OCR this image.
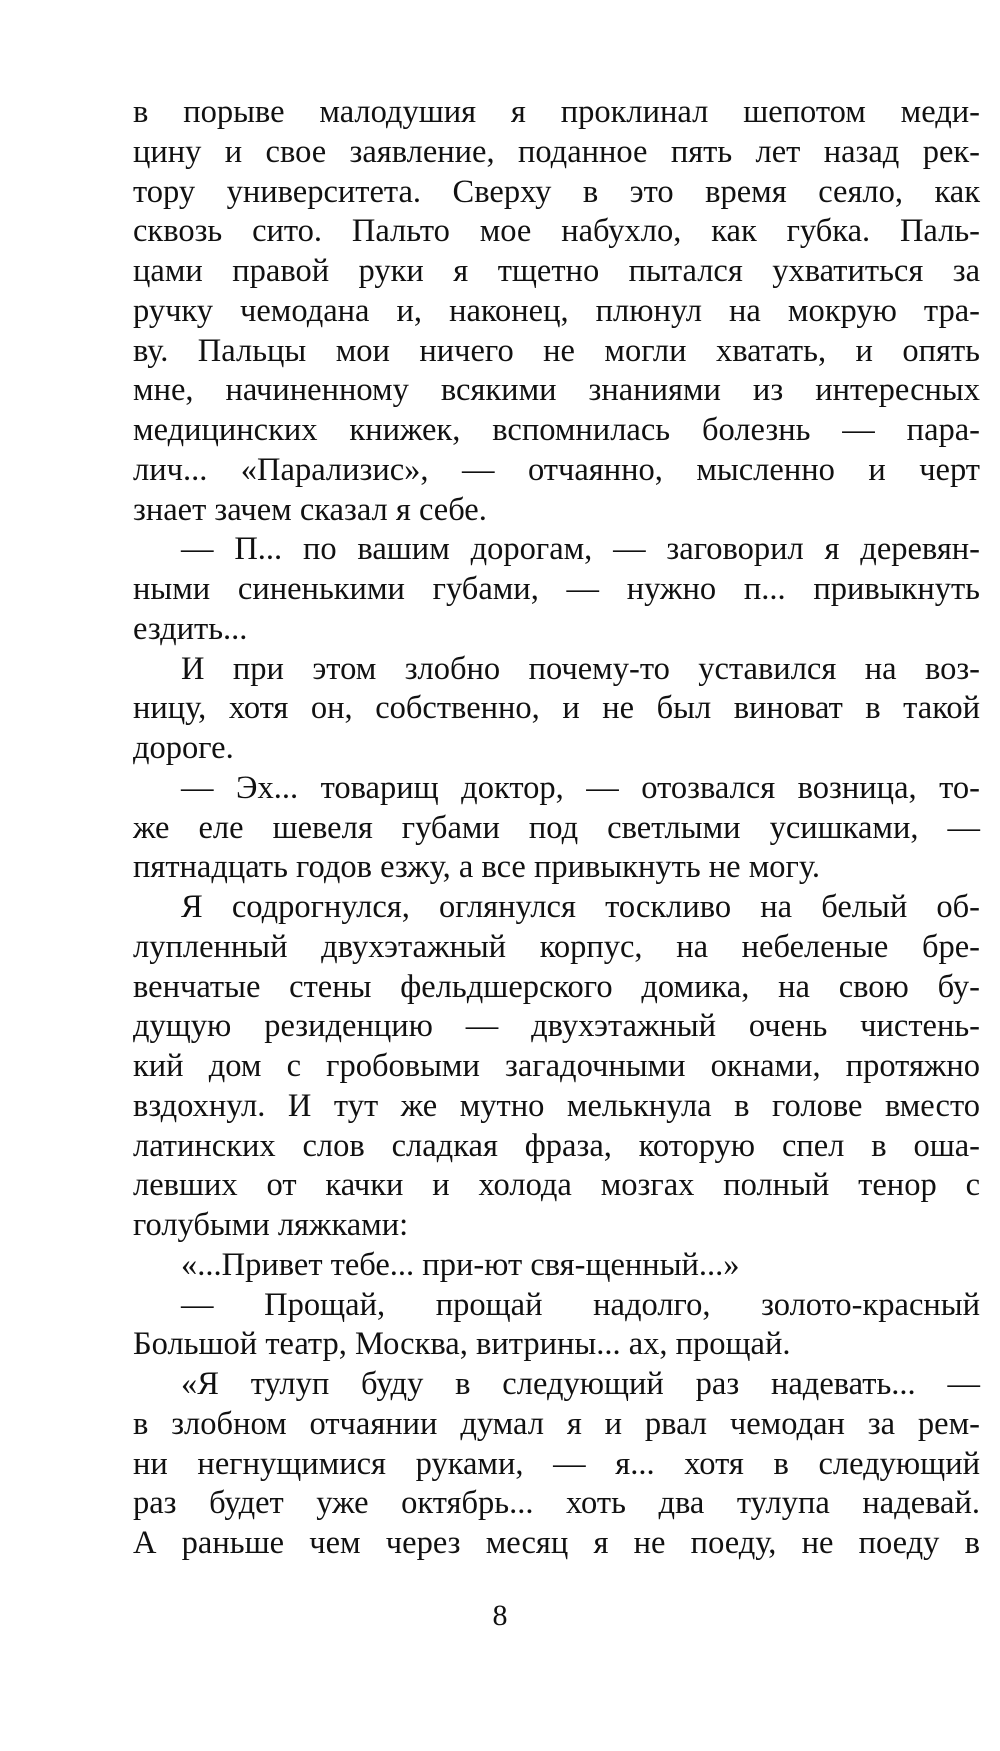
в порыве малодушия я проклинал шепотом меди-
цину и свое заявление, поданное пять лет назад рек-
тору университета. Сверху в это время сеяло, как
сквозь сито. Пальто мое набухло, как губка. Паль-
цами правой руки я тщетно пытался ухватиться за
ручку чемодана и, наконец, плюнул на мокрую тра-
ву. Пальцы мои ничего не могли хватать, и опять
мне, начиненному всякими знаниями из интересных
медицинских книжек, вспомнилась болезнь — пара-
лич... «Парализис», — отчаянно, мысленно и черт
знает зачем сказал я себе.
— П... по вашим дорогам, — заговорил я деревян-
ными синенькими губами, — нужно п... привыкнуть
ездить...
И при этом злобно почему-то уставился на воз-
ницу, хотя он, собственно, и не был виноват в такой
дороге.
— Эх... товарищ доктор, — отозвался возница, то-
же еле шевеля губами под светлыми усишками, —
пятнадцать годов езжу, а все привыкнуть не могу.
Я содрогнулся, оглянулся тоскливо на белый об-
лупленный двухэтажный корпус, на небеленые бре-
венчатые стены фельдшерского домика, на свою бу-
дущую резиденцию — двухэтажный очень чистень-
кий дом с гробовыми загадочными окнами, протяжно
вздохнул. И тут же мутно мелькнула в голове вместо
латинских слов сладкая фраза, которую спел в оша-
левших от качки и холода мозгах полный тенор с
голубыми ляжками:
«...Привет тебе... при-ют свя-щенный...»
— Прощай, прощай надолго, золото-красный
Большой театр, Москва, витрины... ах, прощай.
«Я тулуп буду в следующий раз надевать... —
в злобном отчаянии думал я и рвал чемодан за рем-
ни негнущимися руками, — я... хотя в следующий
раз будет уже октябрь... хоть два тулупа надевай.
А раньше чем через месяц я не поеду, не поеду в
8
